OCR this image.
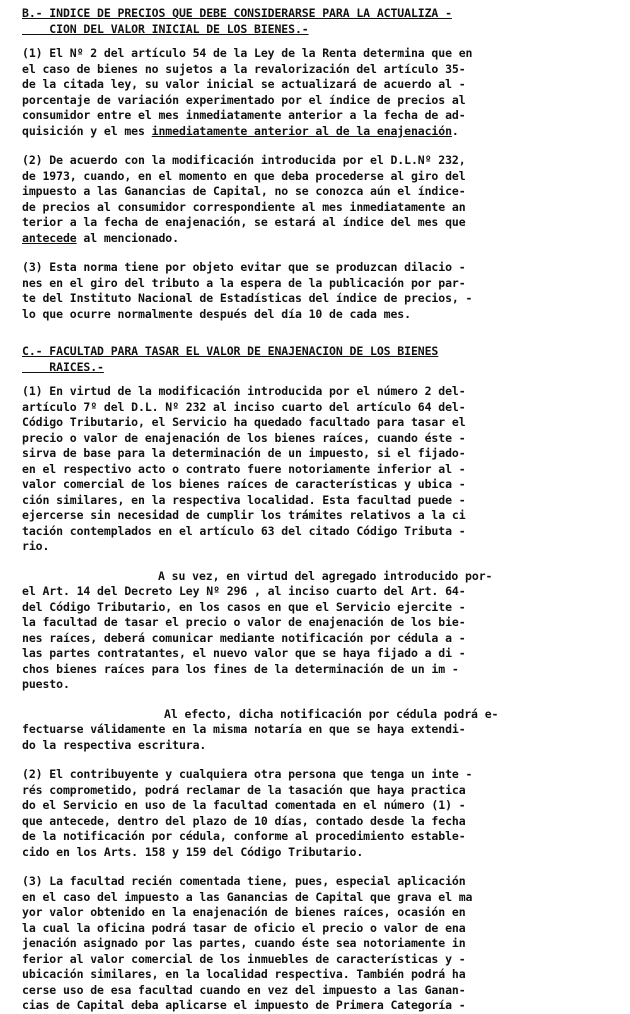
B.- INDICE DE PRECIOS QUE DEBE CONSIDERARSE PARA LA ACTUALIZA -
CION DEL VALOR INICIAL DE LOS BIENES.-
(1) El Nº 2 del artículo 54 de la Ley de la Renta determina que en
el caso de bienes no sujetos a la revalorización del artículo 35-
de la citada ley, su valor inicial se actualizará de acuerdo al -
porcentaje de variación experimentado por el índice de precios al
consumidor entre el mes inmediatamente anterior a la fecha de ad-
quisición y el mes inmediatamente anterior al de la enajenación.
(2) De acuerdo con la modificación introducida por el D.L.Nº 232,
de 1973, cuando, en el momento en que deba procederse al giro del
impuesto a las Ganancias de Capital, no se conozca aún el índice-
de precios al consumidor correspondiente al mes inmediatamente an
terior a la fecha de enajenación, se estará al índice del mes que
antecede al mencionado.
(3) Esta norma tiene por objeto evitar que se produzcan dilacio -
nes en el giro del tributo a la espera de la publicación por par-
te del Instituto Nacional de Estadísticas del índice de precios, -
lo que ocurre normalmente después del día 10 de cada mes.
C.- FACULTAD PARA TASAR EL VALOR DE ENAJENACION DE LOS BIENES
RAICES.-
(1) En virtud de la modificación introducida por el número 2 del-
artículo 7º del D.L. Nº 232 al inciso cuarto del artículo 64 del-
Código Tributario, el Servicio ha quedado facultado para tasar el
precio o valor de enajenación de los bienes raíces, cuando éste -
sirva de base para la determinación de un impuesto, si el fijado-
en el respectivo acto o contrato fuere notoriamente inferior al -
valor comercial de los bienes raíces de características y ubica -
ción similares, en la respectiva localidad. Esta facultad puede -
ejercerse sin necesidad de cumplir los trámites relativos a la ci
tación contemplados en el artículo 63 del citado Código Tributa -
rio.
A su vez, en virtud del agregado introducido por-
el Art. 14 del Decreto Ley Nº 296 , al inciso cuarto del Art. 64-
del Código Tributario, en los casos en que el Servicio ejercite -
la facultad de tasar el precio o valor de enajenación de los bie-
nes raíces, deberá comunicar mediante notificación por cédula a -
las partes contratantes, el nuevo valor que se haya fijado a di -
chos bienes raíces para los fines de la determinación de un im -
puesto.
Al efecto, dicha notificación por cédula podrá e-
fectuarse válidamente en la misma notaría en que se haya extendi-
do la respectiva escritura.
(2) El contribuyente y cualquiera otra persona que tenga un inte -
rés comprometido, podrá reclamar de la tasación que haya practica
do el Servicio en uso de la facultad comentada en el número (1) -
que antecede, dentro del plazo de 10 días, contado desde la fecha
de la notificación por cédula, conforme al procedimiento estable-
cido en los Arts. 158 y 159 del Código Tributario.
(3) La facultad recién comentada tiene, pues, especial aplicación
en el caso del impuesto a las Ganancias de Capital que grava el ma
yor valor obtenido en la enajenación de bienes raíces, ocasión en
la cual la oficina podrá tasar de oficio el precio o valor de ena
jenación asignado por las partes, cuando éste sea notoriamente in
ferior al valor comercial de los inmuebles de características y -
ubicación similares, en la localidad respectiva. También podrá ha
cerse uso de esa facultad cuando en vez del impuesto a las Ganan-
cias de Capital deba aplicarse el impuesto de Primera Categoría -
